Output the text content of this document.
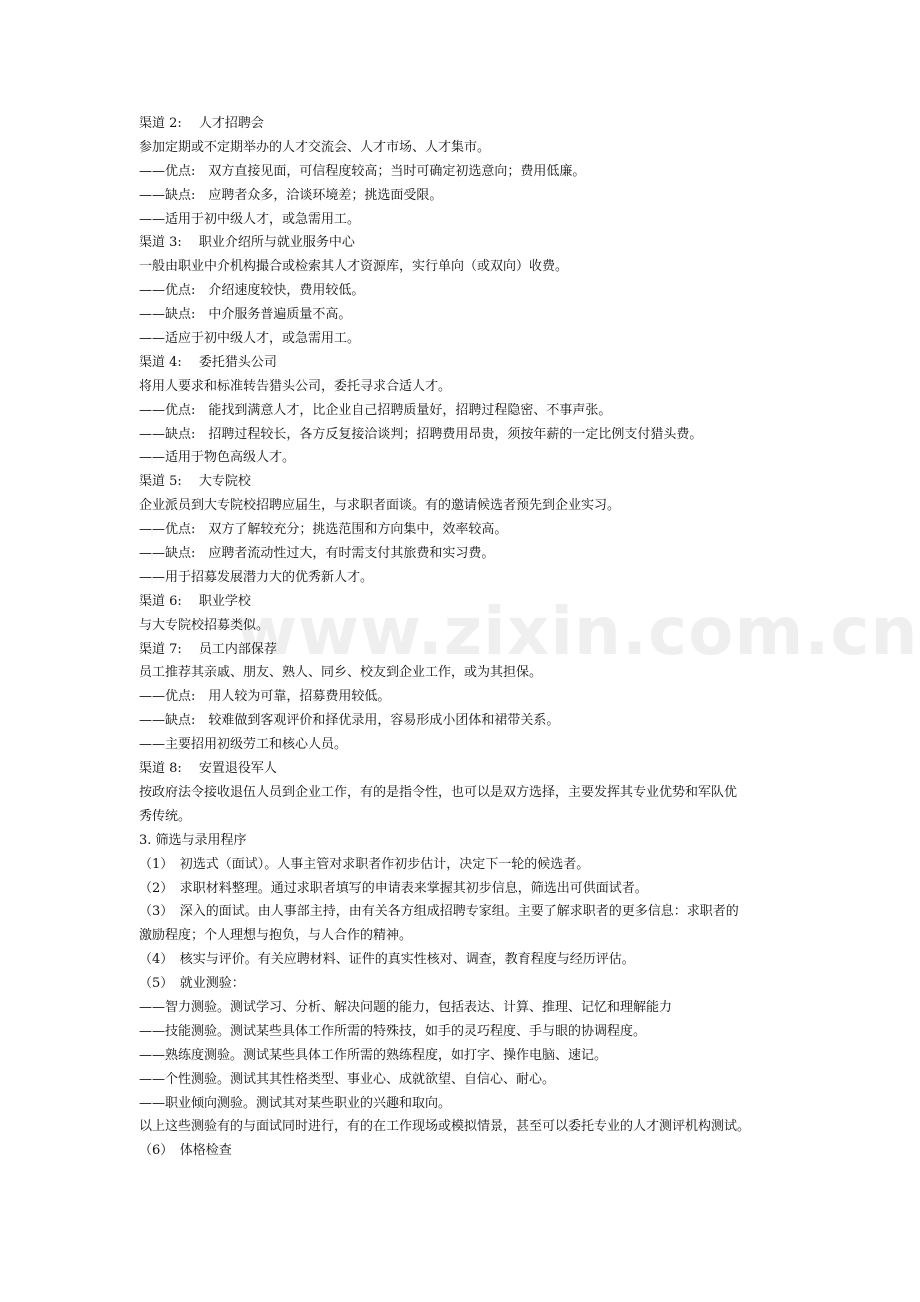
www.zixin.com.cn
渠道 2:　 人才招聘会
参加定期或不定期举办的人才交流会、人才市场、人才集市。
——优点:　双方直接见面，可信程度较高；当时可确定初选意向；费用低廉。
——缺点:　应聘者众多，洽谈环境差；挑选面受限。
——适用于初中级人才，或急需用工。
渠道 3:　 职业介绍所与就业服务中心
一般由职业中介机构撮合或检索其人才资源库，实行单向（或双向）收费。
——优点:　介绍速度较快，费用较低。
——缺点:　中介服务普遍质量不高。
——适应于初中级人才，或急需用工。
渠道 4:　 委托猎头公司
将用人要求和标准转告猎头公司，委托寻求合适人才。
——优点:　能找到满意人才，比企业自己招聘质量好，招聘过程隐密、不事声张。
——缺点:　招聘过程较长，各方反复接洽谈判；招聘费用昂贵，须按年薪的一定比例支付猎头费。
——适用于物色高级人才。
渠道 5:　 大专院校
企业派员到大专院校招聘应届生，与求职者面谈。有的邀请候选者预先到企业实习。
——优点:　双方了解较充分；挑选范围和方向集中，效率较高。
——缺点:　应聘者流动性过大，有时需支付其旅费和实习费。
——用于招募发展潜力大的优秀新人才。
渠道 6:　 职业学校
与大专院校招募类似。
渠道 7:　 员工内部保荐
员工推荐其亲戚、朋友、熟人、同乡、校友到企业工作，或为其担保。
——优点:　用人较为可靠，招募费用较低。
——缺点:　较难做到客观评价和择优录用，容易形成小团体和裙带关系。
——主要招用初级劳工和核心人员。
渠道 8:　 安置退役军人
按政府法令接收退伍人员到企业工作，有的是指令性，也可以是双方选择，主要发挥其专业优势和军队优
秀传统。
3. 筛选与录用程序
（1）　初选式（面试）。人事主管对求职者作初步估计，决定下一轮的候选者。
（2）　求职材料整理。通过求职者填写的申请表来掌握其初步信息，筛选出可供面试者。
（3）　深入的面试。由人事部主持，由有关各方组成招聘专家组。主要了解求职者的更多信息：求职者的
激励程度；个人理想与抱负，与人合作的精神。
（4）　核实与评价。有关应聘材料、证件的真实性核对、调查，教育程度与经历评估。
（5）　就业测验：
——智力测验。测试学习、分析、解决问题的能力，包括表达、计算、推理、记忆和理解能力
——技能测验。测试某些具体工作所需的特殊技，如手的灵巧程度、手与眼的协调程度。
——熟练度测验。测试某些具体工作所需的熟练程度，如打字、操作电脑、速记。
——个性测验。测试其其性格类型、事业心、成就欲望、自信心、耐心。
——职业倾向测验。测试其对某些职业的兴趣和取向。
以上这些测验有的与面试同时进行，有的在工作现场或模拟情景，甚至可以委托专业的人才测评机构测试。
（6）　体格检查
